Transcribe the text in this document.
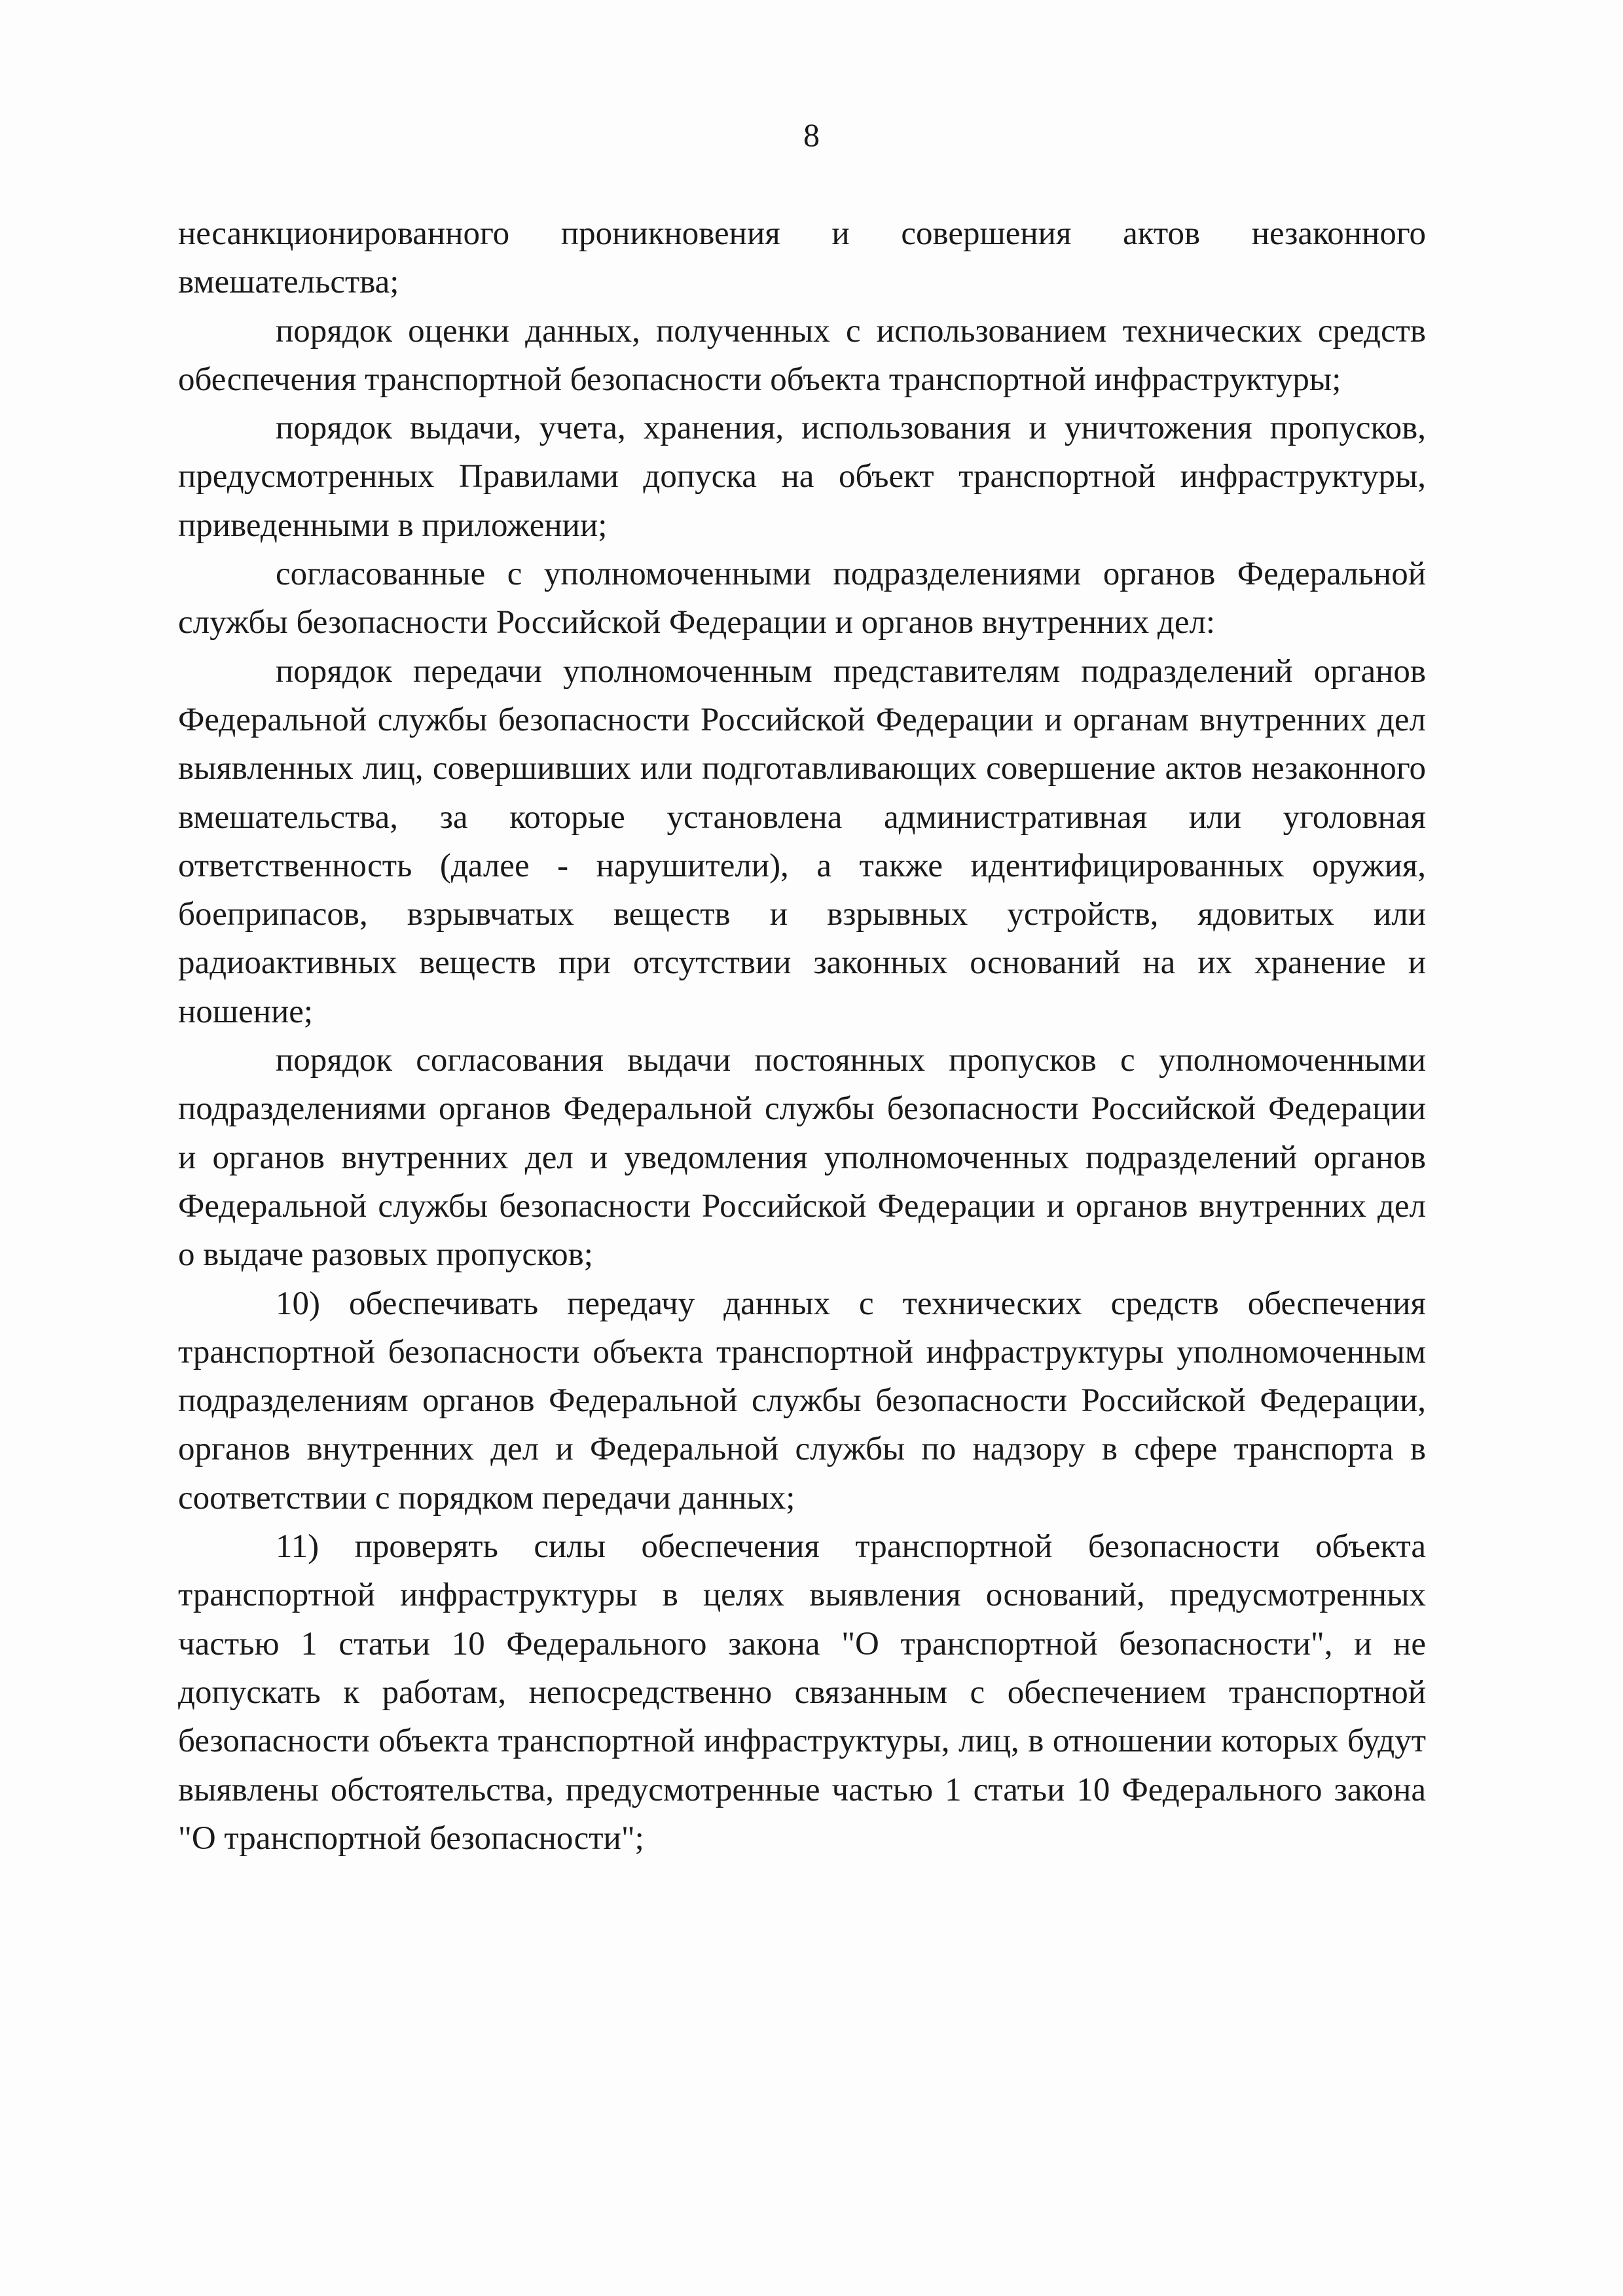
8

несанкционированного проникновения и совершения актов незаконного вмешательства;

порядок оценки данных, полученных с использованием технических средств обеспечения транспортной безопасности объекта транспортной инфраструктуры;

порядок выдачи, учета, хранения, использования и уничтожения пропусков, предусмотренных Правилами допуска на объект транспортной инфраструктуры, приведенными в приложении;

согласованные с уполномоченными подразделениями органов Федеральной службы безопасности Российской Федерации и органов внутренних дел:

порядок передачи уполномоченным представителям подразделений органов Федеральной службы безопасности Российской Федерации и органам внутренних дел выявленных лиц, совершивших или подготавливающих совершение актов незаконного вмешательства, за которые установлена административная или уголовная ответственность (далее - нарушители), а также идентифицированных оружия, боеприпасов, взрывчатых веществ и взрывных устройств, ядовитых или радиоактивных веществ при отсутствии законных оснований на их хранение и ношение;

порядок согласования выдачи постоянных пропусков с уполномоченными подразделениями органов Федеральной службы безопасности Российской Федерации и органов внутренних дел и уведомления уполномоченных подразделений органов Федеральной службы безопасности Российской Федерации и органов внутренних дел о выдаче разовых пропусков;

10) обеспечивать передачу данных с технических средств обеспечения транспортной безопасности объекта транспортной инфраструктуры уполномоченным подразделениям органов Федеральной службы безопасности Российской Федерации, органов внутренних дел и Федеральной службы по надзору в сфере транспорта в соответствии с порядком передачи данных;

11) проверять силы обеспечения транспортной безопасности объекта транспортной инфраструктуры в целях выявления оснований, предусмотренных частью 1 статьи 10 Федерального закона "О транспортной безопасности", и не допускать к работам, непосредственно связанным с обеспечением транспортной безопасности объекта транспортной инфраструктуры, лиц, в отношении которых будут выявлены обстоятельства, предусмотренные частью 1 статьи 10 Федерального закона "О транспортной безопасности";
